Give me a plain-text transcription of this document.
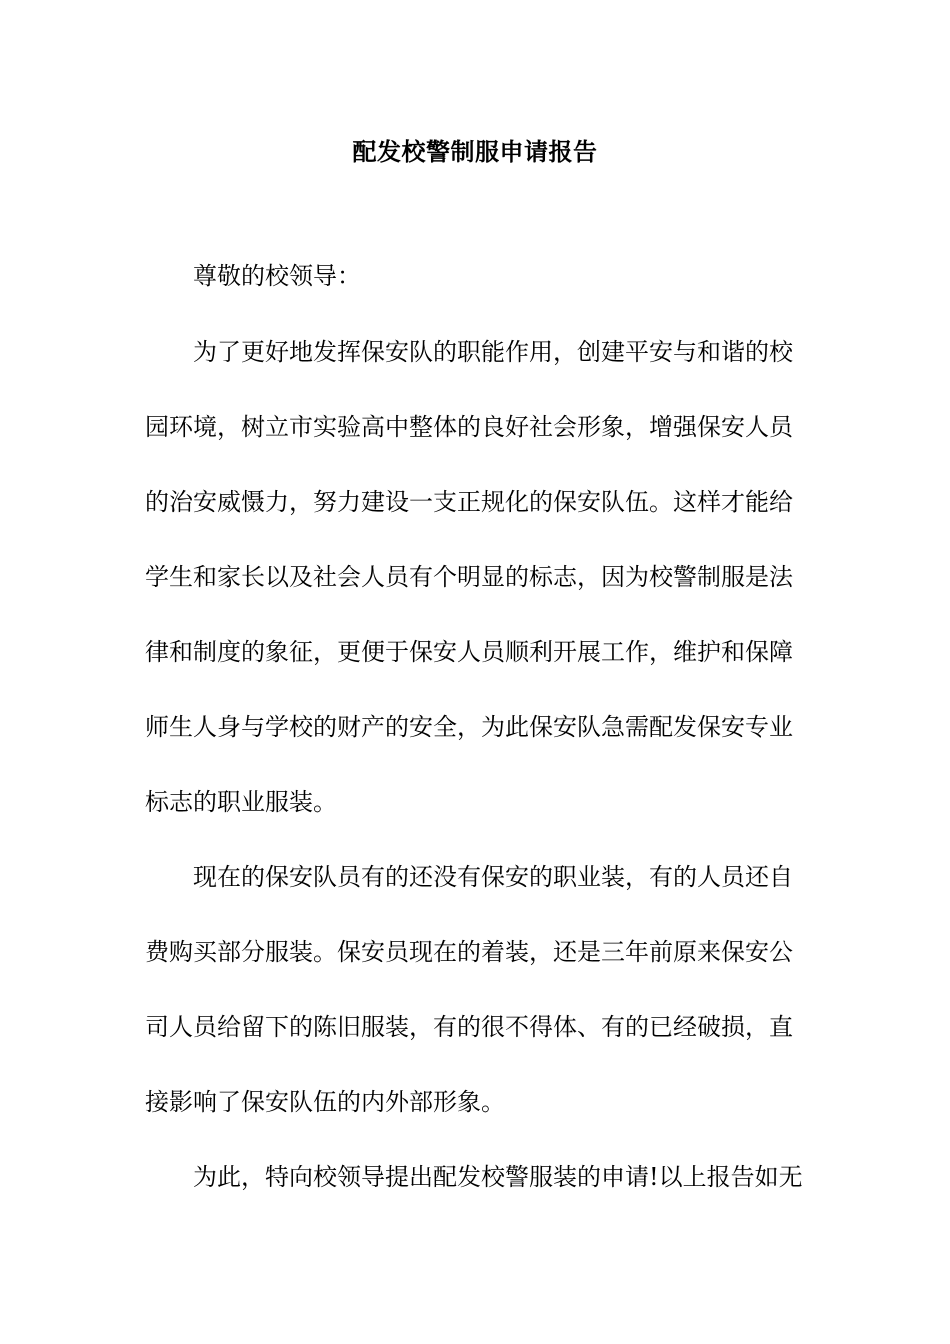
配发校警制服申请报告
尊敬的校领导：
为了更好地发挥保安队的职能作用，创建平安与和谐的校
园环境，树立市实验高中整体的良好社会形象，增强保安人员
的治安威慑力，努力建设一支正规化的保安队伍。这样才能给
学生和家长以及社会人员有个明显的标志，因为校警制服是法
律和制度的象征，更便于保安人员顺利开展工作，维护和保障
师生人身与学校的财产的安全，为此保安队急需配发保安专业
标志的职业服装。
现在的保安队员有的还没有保安的职业装，有的人员还自
费购买部分服装。保安员现在的着装，还是三年前原来保安公
司人员给留下的陈旧服装，有的很不得体、有的已经破损，直
接影响了保安队伍的内外部形象。
为此，特向校领导提出配发校警服装的申请!以上报告如无
